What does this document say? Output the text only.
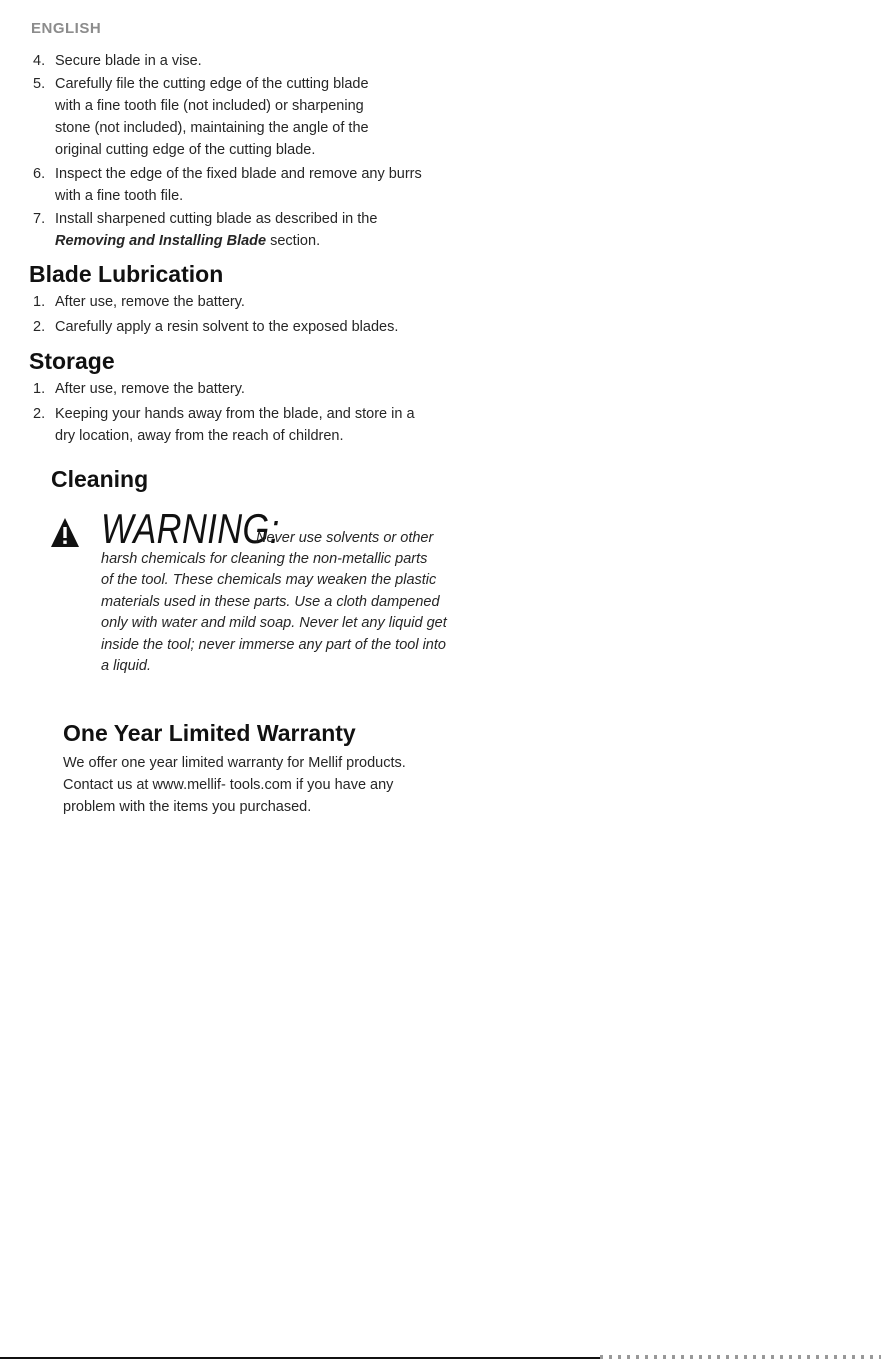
ENGLISH
4. Secure blade in a vise.
5. Carefully file the cutting edge of the cutting blade
with a fine tooth file (not included) or sharpening
stone (not included), maintaining the angle of the
original cutting edge of the cutting blade.
6. Inspect the edge of the fixed blade and remove any burrs
with a fine tooth file.
7. Install sharpened cutting blade as described in the
Removing and Installing Blade section.
Blade Lubrication
1. After use, remove the battery.
2. Carefully apply a resin solvent to the exposed blades.
Storage
1. After use, remove the battery.
2. Keeping your hands away from the blade, and store in a
dry location, away from the reach of children.
Cleaning
WARNING:
Never use solvents or other
harsh chemicals for cleaning the non-metallic parts
of the tool. These chemicals may weaken the plastic
materials used in these parts. Use a cloth dampened
only with water and mild soap. Never let any liquid get
inside the tool; never immerse any part of the tool into
a liquid.
One Year Limited Warranty
We offer one year limited warranty for Mellif products.
Contact us at www.mellif- tools.com if you have any
problem with the items you purchased.
